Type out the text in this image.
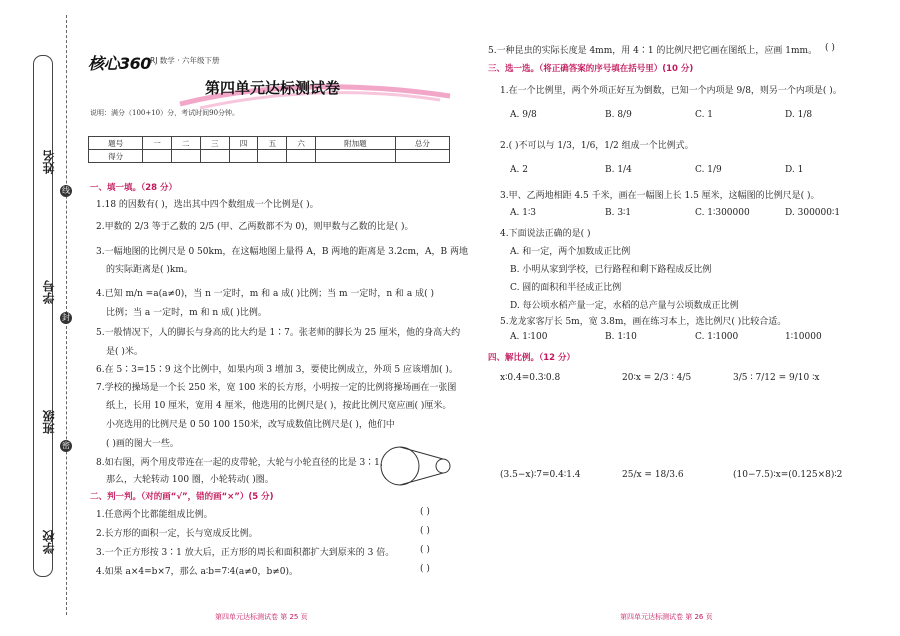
姓名
学号
班级
学校
线
封
密
核心360 RJ 数学 · 六年级下册
第四单元达标测试卷
说明：满分（100+10）分，考试时间90分钟。
题号	一	二	三	四	五	六	附加题	总分
得分								
一、填一填。（28 分）
1.18 的因数有( )，选出其中四个数组成一个比例是( )。
2.甲数的 2/3 等于乙数的 2/5 (甲、乙两数都不为 0)，则甲数与乙数的比是( )。
3.一幅地图的比例尺是 0 50km，在这幅地图上量得 A，B 两地的距离是 3.2cm，A，B 两地
的实际距离是( )km。
4.已知 m/n =a(a≠0)，当 n 一定时，m 和 a 成( )比例；当 m 一定时，n 和 a 成( )
比例；当 a 一定时，m 和 n 成( )比例。
5.一般情况下，人的脚长与身高的比大约是 1∶7。张老师的脚长为 25 厘米，他的身高大约
是( )米。
6.在 5∶3=15∶9 这个比例中，如果内项 3 增加 3，要使比例成立，外项 5 应该增加( )。
7.学校的操场是一个长 250 米，宽 100 米的长方形，小明按一定的比例将操场画在一张图
纸上，长用 10 厘米，宽用 4 厘米，他选用的比例尺是( )，按此比例尺宽应画( )厘米。
小亮选用的比例尺是 0 50 100 150米，改写成数值比例尺是( )，他们中
( )画的图大一些。
8.如右图，两个用皮带连在一起的皮带轮，大轮与小轮直径的比是 3∶1，
那么，大轮转动 100 圈，小轮转动( )圈。
二、判一判。（对的画“√”，错的画“×”）(5 分)
1.任意两个比都能组成比例。
2.长方形的面积一定，长与宽成反比例。
3.一个正方形按 3∶1 放大后，正方形的周长和面积都扩大到原来的 3 倍。
4.如果 a×4=b×7，那么 a∶b=7∶4(a≠0，b≠0)。
( )
( )
( )
( )
第四单元达标测试卷 第 25 页
5.一种昆虫的实际长度是 4mm，用 4∶1 的比例尺把它画在图纸上，应画 1mm。 ( )
三、选一选。（将正确答案的序号填在括号里）(10 分)
1.在一个比例里，两个外项正好互为倒数，已知一个内项是 9/8，则另一个内项是( )。
A. 9/8	B. 8/9	C. 1	D. 1/8
2.( )不可以与 1/3，1/6，1/2 组成一个比例式。
A. 2	B. 1/4	C. 1/9	D. 1
3.甲、乙两地相距 4.5 千米，画在一幅图上长 1.5 厘米，这幅图的比例尺是( )。
A. 1∶3	B. 3∶1	C. 1∶300000	D. 300000∶1
4.下面说法正确的是( )
A. 和一定，两个加数成正比例
B. 小明从家到学校，已行路程和剩下路程成反比例
C. 圆的面积和半径成正比例
D. 每公顷水稻产量一定，水稻的总产量与公顷数成正比例
5.龙龙家客厅长 5m，宽 3.8m，画在练习本上，选比例尺( )比较合适。
A. 1∶100	B. 1∶10	C. 1∶1000	1∶10000
四、解比例。（12 分）
x∶0.4=0.3∶0.8	20∶x = 2/3 ∶ 4/5	3/5 ∶ 7/12 = 9/10 ∶x
(3.5−x)∶7=0.4∶1.4	25/x = 18/3.6	(10−7.5)∶x=(0.125×8)∶2
第四单元达标测试卷 第 26 页
